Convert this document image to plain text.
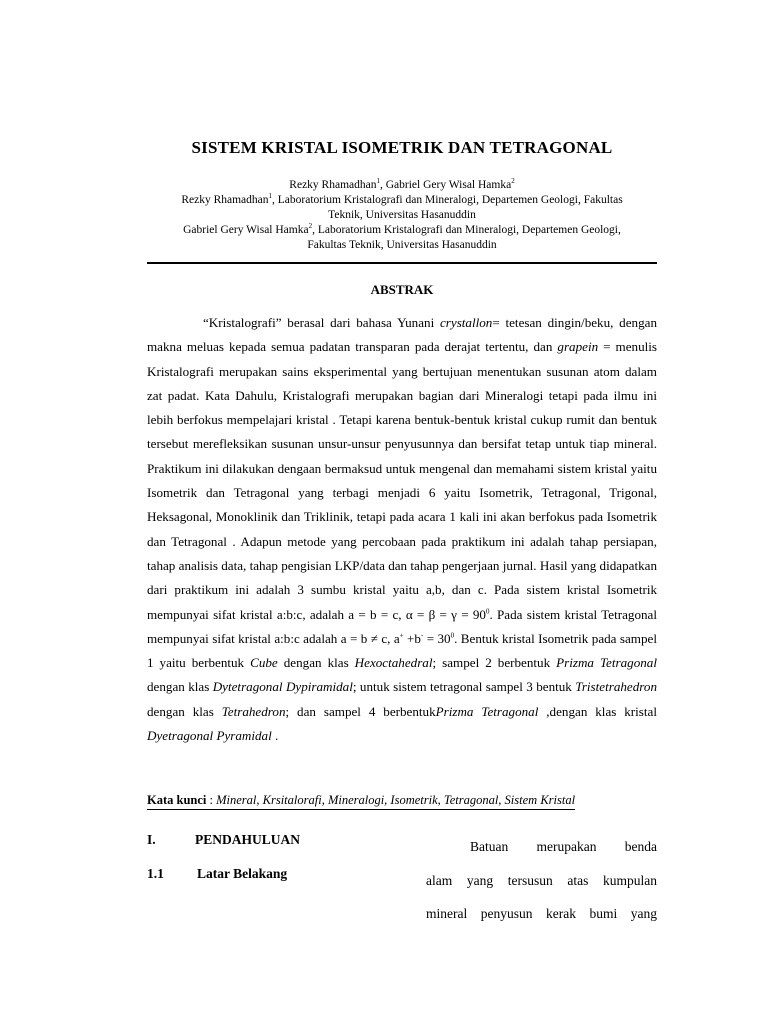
SISTEM KRISTAL ISOMETRIK DAN TETRAGONAL
Rezky Rhamadhan$^1$, Gabriel Gery Wisal Hamka$^2$
Rezky Rhamadhan$^1$, Laboratorium Kristalografi dan Mineralogi, Departemen Geologi, Fakultas
Teknik, Universitas Hasanuddin
Gabriel Gery Wisal Hamka$^2$, Laboratorium Kristalografi dan Mineralogi, Departemen Geologi,
Fakultas Teknik, Universitas Hasanuddin
ABSTRAK

“Kristalografi” berasal dari bahasa Yunani crystallon= tetesan dingin/beku, dengan makna meluas kepada semua padatan transparan pada derajat tertentu, dan grapein = menulis Kristalografi merupakan sains eksperimental yang bertujuan menentukan susunan atom dalam zat padat. Kata Dahulu, Kristalografi merupakan bagian dari Mineralogi tetapi pada ilmu ini lebih berfokus mempelajari kristal . Tetapi karena bentuk-bentuk kristal cukup rumit dan bentuk tersebut merefleksikan susunan unsur-unsur penyusunnya dan bersifat tetap untuk tiap mineral. Praktikum ini dilakukan dengaan bermaksud untuk mengenal dan memahami sistem kristal yaitu Isometrik dan Tetragonal yang terbagi menjadi 6 yaitu Isometrik, Tetragonal, Trigonal, Heksagonal, Monoklinik dan Triklinik, tetapi pada acara 1 kali ini akan berfokus pada Isometrik dan Tetragonal . Adapun metode yang percobaan pada praktikum ini adalah tahap persiapan, tahap analisis data, tahap pengisian LKP/data dan tahap pengerjaan jurnal. Hasil yang didapatkan dari praktikum ini adalah 3 sumbu kristal yaitu a,b, dan c. Pada sistem kristal Isometrik mempunyai sifat kristal a:b:c, adalah a = b = c, $\alpha = \beta = \gamma = 90^0$. Pada sistem kristal Tetragonal mempunyai sifat kristal a:b:c adalah a = b ≠ c, $a^+ +b^- = 30^0$. Bentuk kristal Isometrik pada sampel 1 yaitu berbentuk Cube dengan klas Hexoctahedral; sampel 2 berbentuk Prizma Tetragonal dengan klas Dytetragonal Dypiramidal; untuk sistem tetragonal sampel 3 bentuk Tristetrahedron dengan klas Tetrahedron; dan sampel 4 berbentukPrizma Tetragonal ,dengan klas kristal Dyetragonal Pyramidal .

Kata kunci : Mineral, Krsitalorafi, Mineralogi, Isometrik, Tetragonal, Sistem Kristal
I.	PENDAHULUAN
1.1 Latar Belakang
Batuan merupakan benda
alam yang tersusun atas kumpulan
mineral penyusun kerak bumi yang
